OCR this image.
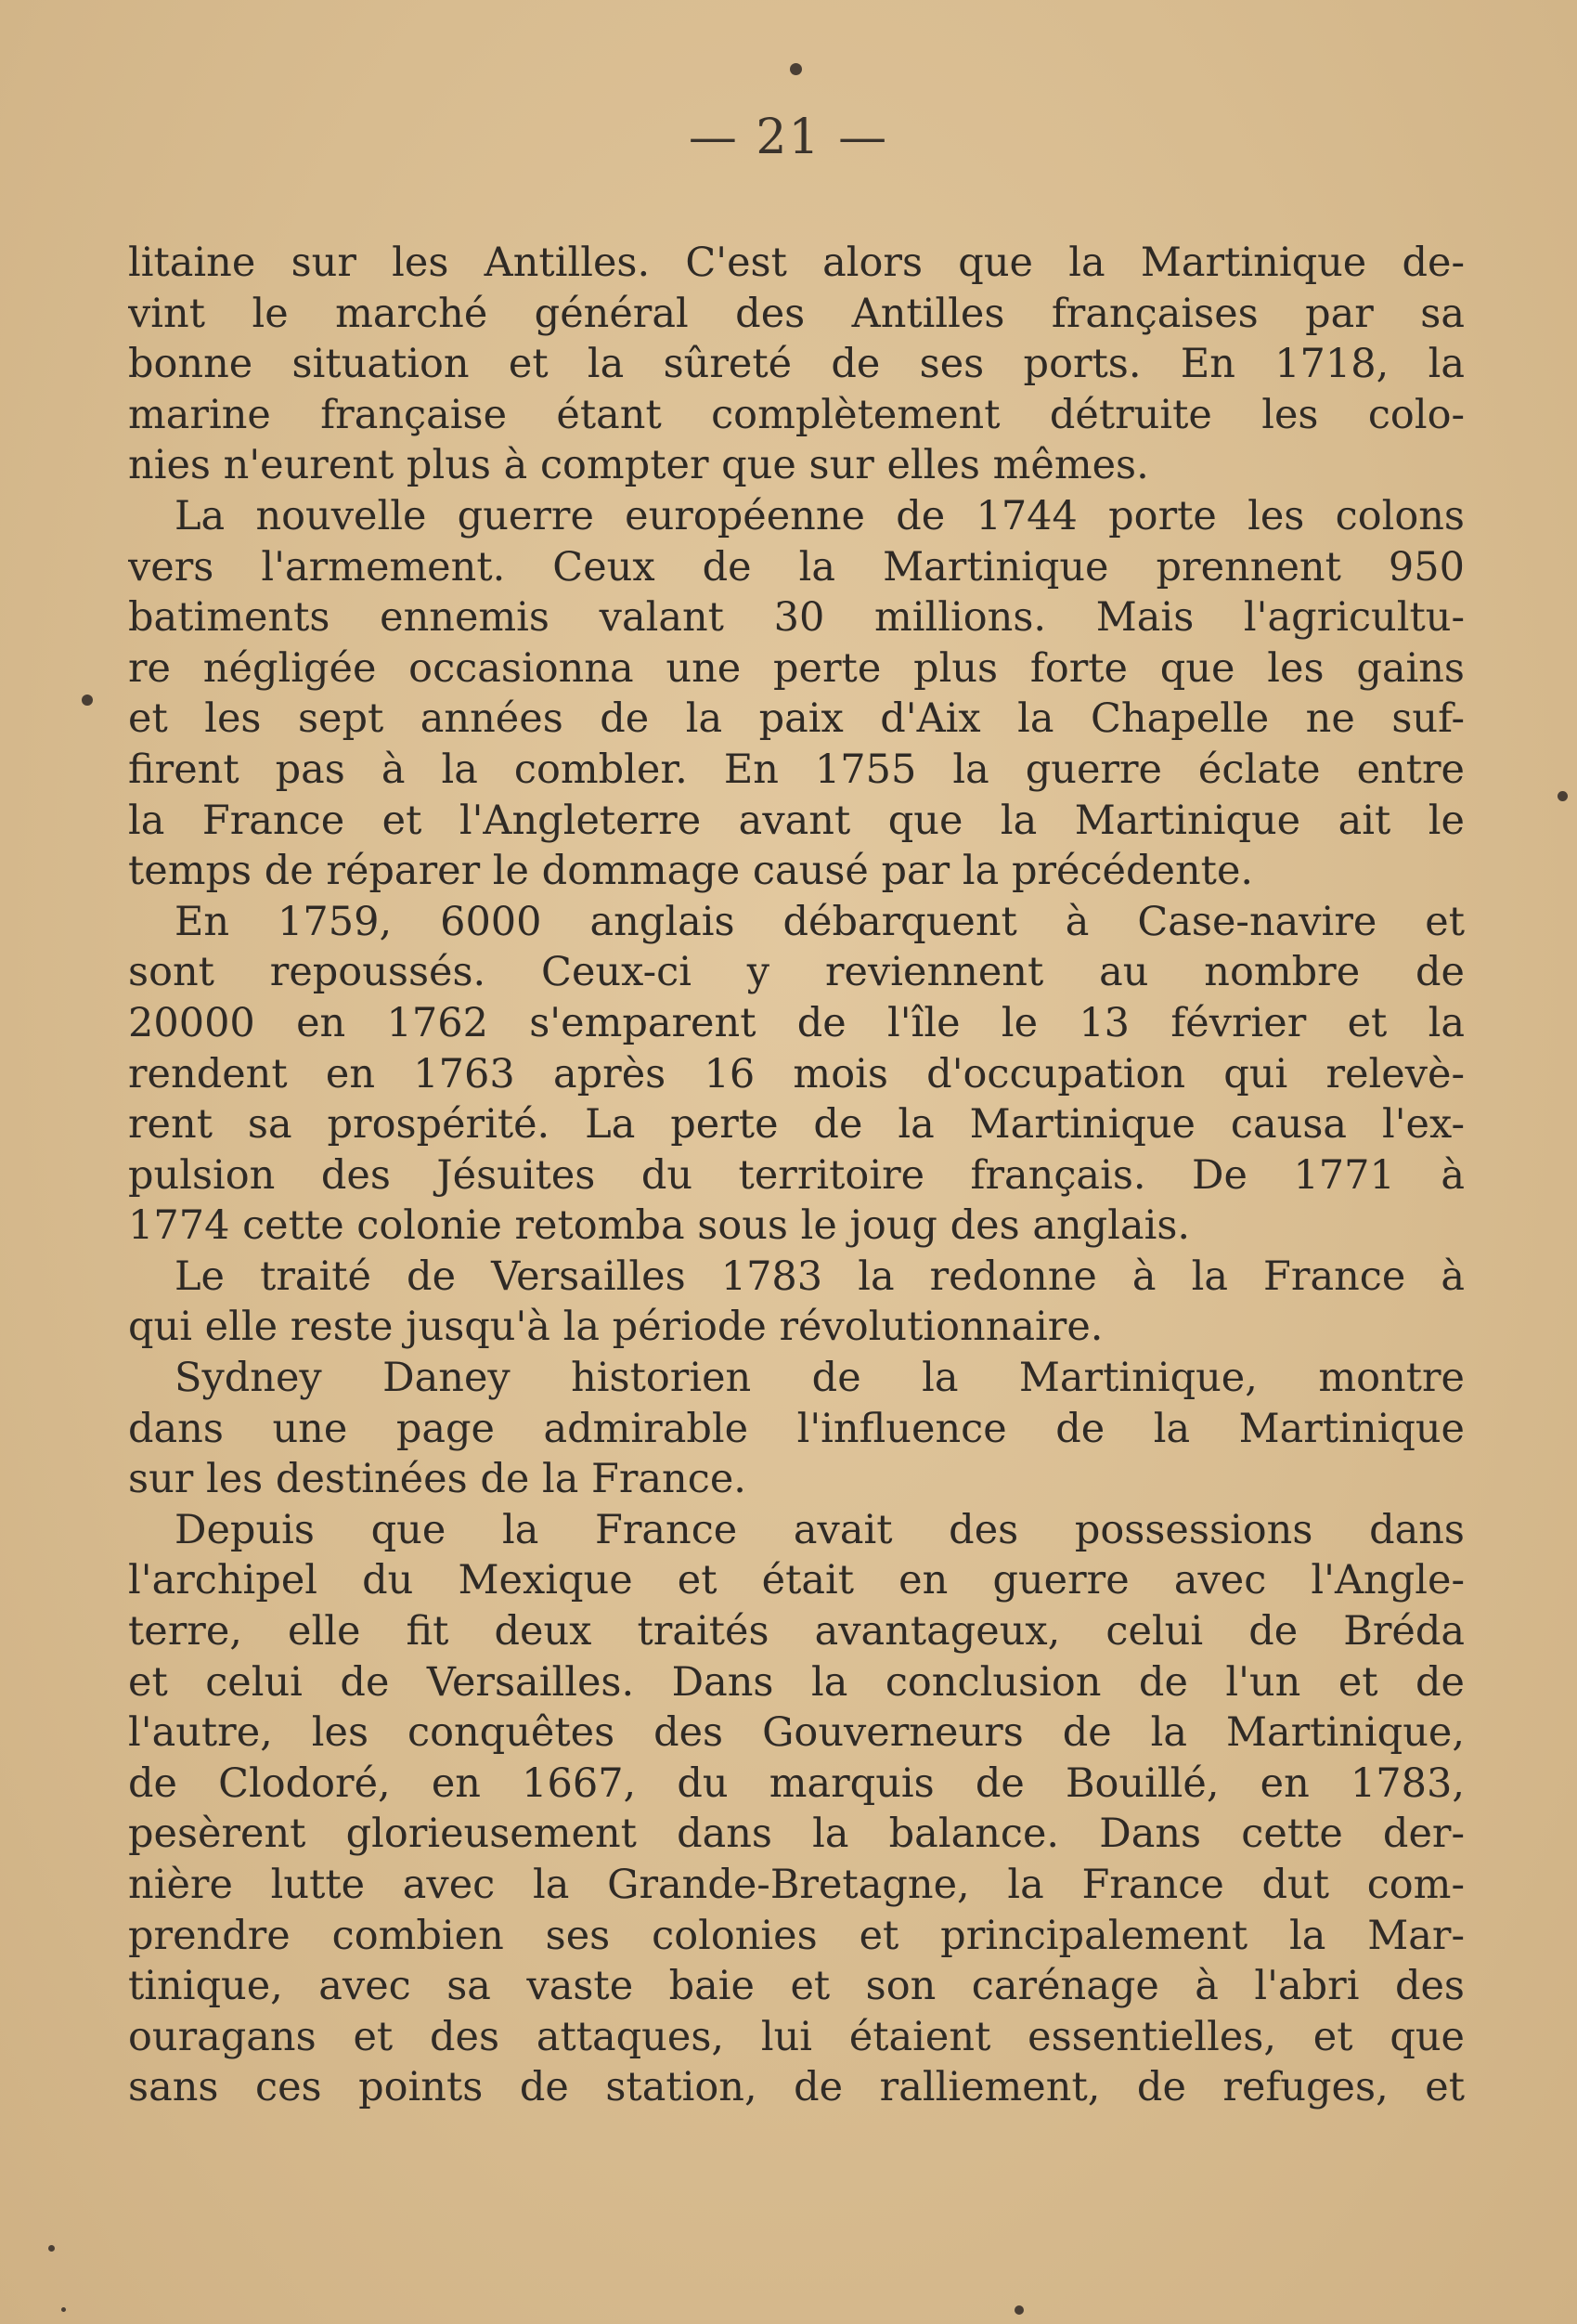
— 21 —
litaine sur les Antilles. C'est alors que la Martinique de-
vint le marché général des Antilles françaises par sa
bonne situation et la sûreté de ses ports. En 1718, la
marine française étant complètement détruite les colo-
nies n'eurent plus à compter que sur elles mêmes.
La nouvelle guerre européenne de 1744 porte les colons
vers l'armement. Ceux de la Martinique prennent 950
batiments ennemis valant 30 millions. Mais l'agricultu-
re négligée occasionna une perte plus forte que les gains
et les sept années de la paix d'Aix la Chapelle ne suf-
firent pas à la combler. En 1755 la guerre éclate entre
la France et l'Angleterre avant que la Martinique ait le
temps de réparer le dommage causé par la précédente.
En 1759, 6000 anglais débarquent à Case-navire et
sont repoussés. Ceux-ci y reviennent au nombre de
20000 en 1762 s'emparent de l'île le 13 février et la
rendent en 1763 après 16 mois d'occupation qui relevè-
rent sa prospérité. La perte de la Martinique causa l'ex-
pulsion des Jésuites du territoire français. De 1771 à
1774 cette colonie retomba sous le joug des anglais.
Le traité de Versailles 1783 la redonne à la France à
qui elle reste jusqu'à la période révolutionnaire.
Sydney Daney historien de la Martinique, montre
dans une page admirable l'influence de la Martinique
sur les destinées de la France.
Depuis que la France avait des possessions dans
l'archipel du Mexique et était en guerre avec l'Angle-
terre, elle fit deux traités avantageux, celui de Bréda
et celui de Versailles. Dans la conclusion de l'un et de
l'autre, les conquêtes des Gouverneurs de la Martinique,
de Clodoré, en 1667, du marquis de Bouillé, en 1783,
pesèrent glorieusement dans la balance. Dans cette der-
nière lutte avec la Grande-Bretagne, la France dut com-
prendre combien ses colonies et principalement la Mar-
tinique, avec sa vaste baie et son carénage à l'abri des
ouragans et des attaques, lui étaient essentielles, et que
sans ces points de station, de ralliement, de refuges, et
